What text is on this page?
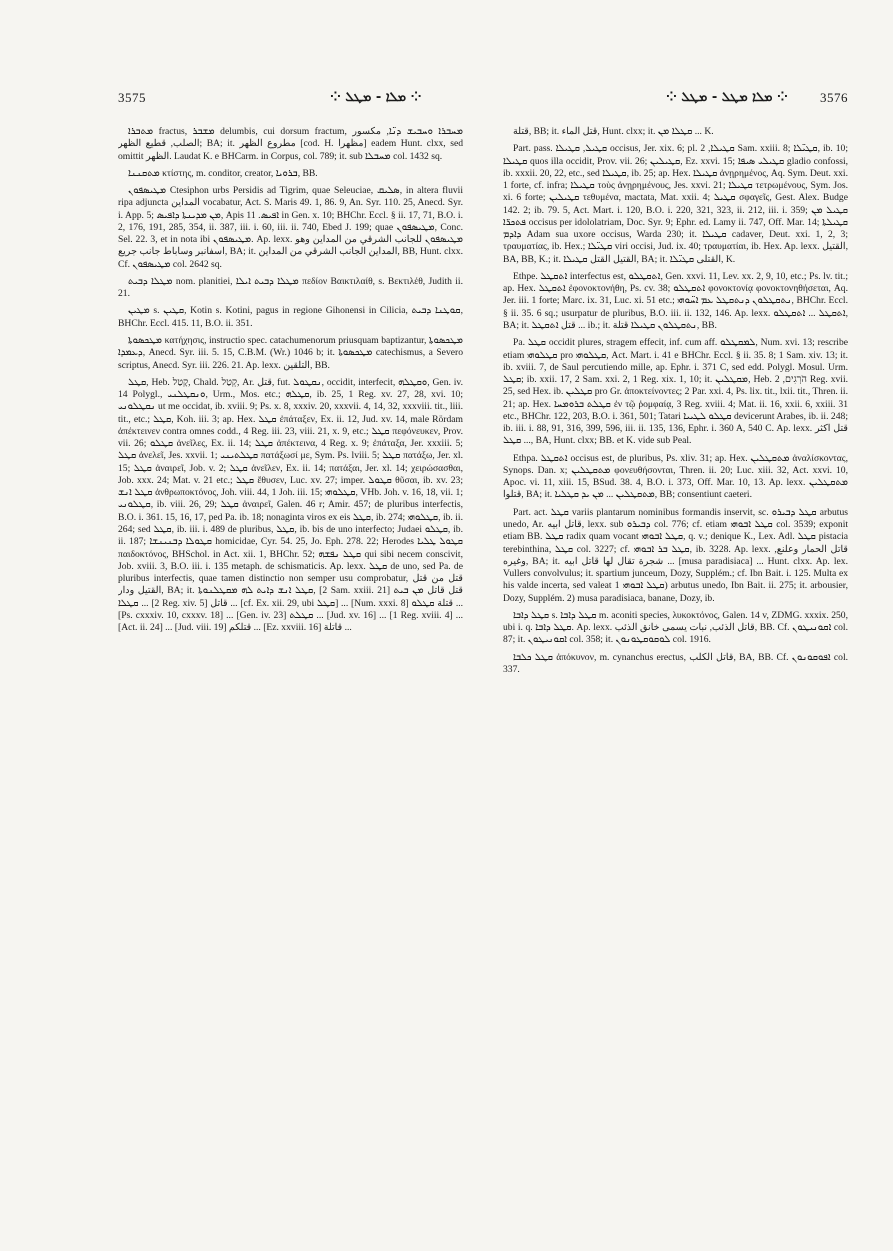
3575	⁘ ܡܠܐ - ܡܛܠ ⁘	⁘ ܡܠܐ ܡܛܠ - ܡܛܠ ⁘ 3576

ܡܬܒܪܐ fractus, ܡܫܒܪ delumbis, cui dorsum fractum, ܡܚܒܪܐ ܘܚܒܝܫ ܕܢ̈ܐ, مكسور الصلب, قطيع الظهر; BA; it. مطروع الظهر [cod. H. مظهرا] eadem Hunt. clxx, sed omittit الظهر. Laudat K. e BHCarm. in Corpus, col. 789; it. sub ܡܚܒܠܐ col. 1432 sq.

ܡܬܩܢܢܐ κτίστης, m. conditor, creator, ܒܪܘܝܐ, BB.

ܡܛܝܣܦܘܢ Ctesiphon urbs Persidis ad Tigrim, quae Seleuciae, ܣܠܝܩ, in altera fluvii ripa adjuncta المداين vocabatur, Act. S. Maris 49. 1, 86. 9, An. Syr. 110. 25, Anecd. Syr. i. App. 5; ܡܢ ܡܕܝܢܬܐ ܕܐܦܝܣ, Apis ܐܦܝܣ. 11 in Gen. x. 10; BHChr. Eccl. § ii. 17, 71, B.O. i. 2, 176, 191, 285, 354, ii. 387, iii. i. 60, iii. ii. 740, Ebed J. 199; quae ܡܛܝܣܦܘܢ, Conc. Sel. 22. 3, et in nota ibi ܡܛܝܣܦܘܢ. Ap. lexx. ܡܛܝܣܦܘܢ للجانب الشرقي من المداين وهو اسفانبر وساباط جانب جريع, BA; it. المداين الجانب الشرقي من المداين, BB, Hunt. clxx. Cf. ܡܛܝܣܦܘܢ col. 2642 sq.

ܡܛܠܐ ܕܒܝܬ nom. planitiei, ܡܛܠܐ ܕܒܝܬ ܐܝܠܐ πεδίον Βαικτιλαίθ, s. Βεκτιλέθ, Judith ii. 21.

ܡܛܝܢ s. ܩܛܝܢ, Kotin s. Kotini, pagus in regione Gihonensi in Cilicia, ܩܘܛܢܐ ܕܒܝܬ, BHChr. Eccl. 415. 11, B.O. ii. 351.

ܡܛܟܣܘܬܐ κατήχησις, instructio spec. catachumenorum priusquam baptizantur, ܡܛܟܣܘܬܐ ܕܥܡܕܐ, Anecd. Syr. iii. 5. 15, C.B.M. (Wr.) 1046 b; it. ܡܛܟܣܘܬܐ catechismus, a Severo scriptus, Anecd. Syr. iii. 226. 21. Ap. lexx. التلقين, BB.

ܩܛܠ, Heb. קָטַל, Chald. קְטַל, Ar. قتل, fut. ܢܩܛܘܠ, occidit, interfecit, ܘܩܛܠܗ, Gen. iv. 14 Polygl., ܘܢܩܛܠܢܝ, Urm., Mos. etc.; ܩܛܠܗ, ib. 25, 1 Reg. xv. 27, 28, xvi. 10; ܢܩܛܠܘܢܝ ut me occidat, ib. xviii. 9; Ps. x. 8, xxxiv. 20, xxxvii. 4, 14, 32, xxxviii. tit., liii. tit., etc.; ܩܛܠ, Koh. iii. 3; ap. Hex. ܩܛܠ ἐπάταξεν, Ex. ii. 12, Jud. xv. 14, male Rördam ἀπέκτεινεν contra omnes codd., 4 Reg. iii. 23, viii. 21, x. 9, etc.; ܩܛܠ πεφόνευκεν, Prov. vii. 26; ܩܛܠܘ ἀνεῖλες, Ex. ii. 14; ܩܛܠ ἀπέκτεινα, 4 Reg. x. 9; ἐπάταξα, Jer. xxxiii. 5; ܩܛܠ ἀνελεῖ, Jes. xxvii. 1; ܩܛܠܬܝܢܝ πατάξωσί με, Sym. Ps. lviii. 5; ܩܛܠ πατάξω, Jer. xl. 15; ܩܛܠ ἀναιρεῖ, Job. v. 2; ܩܛܠ ἀνεῖλεν, Ex. ii. 14; πατάξαι, Jer. xl. 14; χειρώσασθαι, Job. xxx. 24; Mat. v. 21 etc.; ܩܛܠ ἔθυσεν, Luc. xv. 27; imper. ܩܛܘܠ θῦσαι, ib. xv. 23; ܩܛܠ ܐܢܫ ἀνθρωποκτόνος, Joh. viii. 44, 1 Joh. iii. 15; ܩܛܠܘܗܝ, VHb. Joh. v. 16, 18, vii. 1; ܩܛܠܘܢܝ, ib. viii. 26, 29; ܩܛܠ ἀναιρεῖ, Galen. 46 r; Amir. 457; de pluribus interfectis, B.O. i. 361. 15, 16, 17, ped Pa. ib. 18; nonaginta viros ex eis ܩܛܠ, ib. 274; ܩܛܠܘܗܝ, ib. ii. 264; sed ܩܛܠ, ib. iii. i. 489 de pluribus, ܩܛܠ, ib. bis de uno interfecto; Judaei ܩܛܠܘ, ib. ii. 187; ܩܛܘܠܐ ܕܒܢܝܢܫܐ homicidae, Cyr. 54. 25, Jo. Eph. 278. 22; Herodes ܩܛܘܠ ܛܠܝܐ παιδοκτόνος, BHSchol. in Act. xii. 1, BHChr. 52; ܩܛܠ ܢܦܫܗ qui sibi necem conscivit, Job. xviii. 3, B.O. iii. i. 135 metaph. de schismaticis. Ap. lexx. ܩܛܠ de uno, sed Pa. de pluribus interfectis, quae tamen distinctio non semper usu comprobatur, قتل من قتل القتيل ودار, BA; it. ܩܛܠ ܐܢܫ ܕܐܝܬ ܠܗ ܡܩܛܠܢܘܬܐ, [2 Sam. xxiii. 21] قتل قاتل ܡܢ ܒܝܬ ܩܛܠܐ ... [2 Reg. xiv. 5] قاتل ... [cf. Ex. xii. 29, ubi ܩܛܠ] ... [Num. xxxi. 8] قتلة ܩܛܠܘ ... [Ps. cxxxiv. 10, cxxxv. 18] ... [Gen. iv. 23] ܩܛܠܬ ... [Jud. xv. 16] ... [1 Reg. xviii. 4] ... [Act. ii. 24] ... [Jud. viii. 19] قتلكم ... [Ez. xxviii. 16] قاتلة ...

قتلة, BB; it. قتل الماء, Hunt. clxx; it. ܩܛܠܐ ܡܢ ... K.

Part. pass. ܩܛܝܠ, ܩܛܝܠܐ occisus, Jer. xix. 6; pl. ܩܛܝܠܐ, 2 Sam. xxiii. 8; ܩܛܝ̈ܠܐ, ib. 10; ܩܛܝܠܐ quos illa occidit, Prov. vii. 26; ܩܛܝܠܝܢ, Ez. xxvi. 15; ܩܛܝܠܝ ܣܝܦܐ gladio confossi, ib. xxxii. 20, 22, etc., sed ܩܛܝܠܐ, ib. 25; ap. Hex. ܩܛܝܠܐ ἀνῃρημένος, Aq. Sym. Deut. xxi. 1 forte, cf. infra; ܩܛܝܠܐ τοὺς ἀνῃρημένους, Jes. xxvi. 21; ܩܛܝܠܐ τετρωμένους, Sym. Jos. xi. 6 forte; ܩܛܝܠܝܢ τεθυμένα, mactata, Mat. xxii. 4; ܩܛܝܠ σφαγεῖς, Gest. Alex. Budge 142. 2; ib. 79. 5, Act. Mart. i. 120, B.O. i. 220, 321, 323, ii. 212, iii. i. 359; ܩܛܝܠ ܡܢ ܦܬܟܪ̈ܐ occisus per idololatriam, Doc. Syr. 9; Ephr. ed. Lamy ii. 747, Off. Mar. 14; ܩܛܝܠܬܐ ܕܐܕܡ Adam sua uxore occisus, Warda 230; it. ܩܛܝܠܐ cadaver, Deut. xxi. 1, 2, 3; τραυματίας, ib. Hex.; ܩܛܝ̈ܠܐ viri occisi, Jud. ix. 40; τραυματίαι, ib. Hex. Ap. lexx. القتيل, BA, BB, K.; it. القتيل القتل ܩܛܝܠܐ, BA; it. القتلى ܩܛܝ̈ܠܐ, K.

Ethpe. ܐܬܩܛܠ interfectus est, ܐܬܩܛܠܘ, Gen. xxvi. 11, Lev. xx. 2, 9, 10, etc.; Ps. lv. tit.; ap. Hex. ܐܬܩܛܠ ἐφονοκτονήθη, Ps. cv. 38; ܐܬܩܛܠܘ φονοκτονίᾳ φονοκτονηθήσεται, Aq. Jer. iii. 1 forte; Marc. ix. 31, Luc. xi. 51 etc.; ܢܬܩܛܠܘܢ ܕܢܬܩܛܠ ܥܡ ܐܚ̈ܘܗܝ, BHChr. Eccl. § ii. 35. 6 sq.; usurpatur de pluribus, B.O. iii. ii. 132, 146. Ap. lexx. ܐܬܩܛܠ ... ܐܬܩܛܠܘ, BA; it. قتل ܐܬܩܛܠ ... ib.; it. ܢܬܩܛܠܘܢ ܩܛܝܠܐ قتلة, BB.

Pa. ܩܛܠ occidit plures, stragem effecit, inf. cum aff. ܠܡܩܛܠܘ, Num. xvi. 13; rescribe etiam ܩܛܠܘܗܝ pro ܩܛܠܘܗܝ, Act. Mart. i. 41 e BHChr. Eccl. § ii. 35. 8; 1 Sam. xiv. 13; it. ib. xviii. 7, de Saul percutiendo mille, ap. Ephr. i. 371 C, sed edd. Polygl. Mosul. Urm. ܩܛܠ; ib. xxii. 17, 2 Sam. xxi. 2, 1 Reg. xix. 1, 10; it. ܡܩܛܠܝܢ, Heb. הֹרְגִים, 2 Reg. xvii. 25, sed Hex. ib. ܩܛܠܝܢ pro Gr. ἀποκτείνοντες; 2 Par. xxi. 4, Ps. lix. tit., lxii. tit., Thren. ii. 21; ap. Hex. ܩܛܠܬ ܒܪܘܡܚܐ ἐν τῷ ῥομφαίᾳ, 3 Reg. xviii. 4; Mat. ii. 16, xxii. 6, xxiii. 31 etc., BHChr. 122, 203, B.O. i. 361, 501; Tatari ܩܛܠܘ ܠܛܝܝܐ devicerunt Arabes, ib. ii. 248; ib. iii. i. 88, 91, 316, 399, 596, iii. ii. 135, 136, Ephr. i. 360 A, 540 C. Ap. lexx. قتل اكثر ... ܩܛܠ, BA, Hunt. clxx; BB. et K. vide sub Peal.

Ethpa. ܐܬܩܛܠ occisus est, de pluribus, Ps. xliv. 31; ap. Hex. ܡܬܩܛܠܝܢ ἀναλίσκοντας, Synops. Dan. x; ܡܬܩܛܠܝܢ φονευθήσονται, Thren. ii. 20; Luc. xiii. 32, Act. xxvi. 10, Apoc. vi. 11, xiii. 15, BSud. 38. 4, B.O. i. 373, Off. Mar. 10, 13. Ap. lexx. ܡܬܩܛܠܝܢ قتلوا, BA; it. ܡܬܩܛܠܝܢ ... ܡܢ ܝܕ ܩܛܠܝܐ, BB; consentiunt caeteri.

Part. act. ܩܛܠ variis plantarum nominibus formandis inservit, sc. ܩܛܠ ܕܒܝܪܘ arbutus unedo, Ar. قاتل ابيه, lexx. sub ܕܒܝܪܘ col. 776; cf. etiam ܩܛܠ ܐܒܘܗܝ col. 3539; exponit etiam BB. ܩܛܠ radix quam vocant ܩܛܠ ܐܒܘܗܝ, q. v.; denique K., Lex. Adl. ܩܛܠ pistacia terebinthina, ܩܛܠ col. 3227; cf. ܩܛܠ ܒܪ ܐܒܘܗܝ, ib. 3228. Ap. lexx. قاتل الحمار وعلنع, وغيره, BA; it. شجرة تقال لها قاتل ابيه ... [musa paradisiaca] ... Hunt. clxx. Ap. lex. Vullers convolvulus; it. spartium junceum, Dozy, Supplém.; cf. Ibn Bait. i. 125. Multa ex his valde incerta, sed valeat ܩܛܠ ܐܒܘܗܝ 1) arbutus unedo, Ibn Bait. ii. 275; it. arbousier, Dozy, Supplém. 2) musa paradisiaca, banane, Dozy, ib.

ܩܛܠ ܕܐܒܐ s. ܩܛܠ ܕܐܒܐ m. aconiti species, λυκοκτόνος, Galen. 14 v, ZDMG. xxxix. 250, ubi i. q. ܩܛܠ ܕܐܒܐ. Ap. lexx. قاتل الذئب, نبات يسمى خانق الذئب, BB. Cf. ܐܩܘܢܝܛܘܢ col. 87; it. ܐܩܘܢܝܛܘܢ col. 358; it. ܠܘܩܘܩܛܘܢܘܢ col. 1916.

ܩܛܠ ܟܠܒܐ ἀπόκυνον, m. cynanchus erectus, قاتل الكلب, BA, BB. Cf. ܐܦܘܩܘܢܘܢ col. 337.
